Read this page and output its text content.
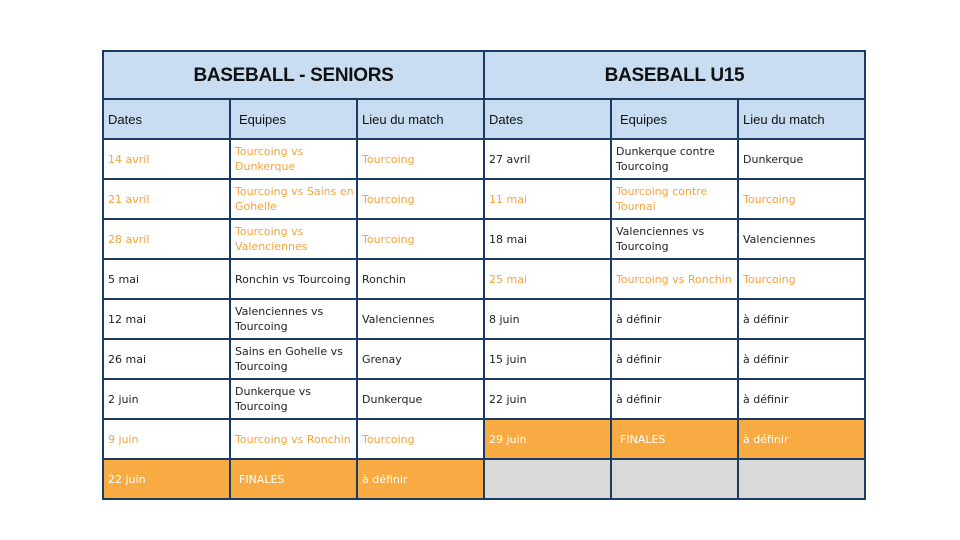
BASEBALL - SENIORS			BASEBALL U15		
Dates	Equipes	Lieu du match	Dates	Equipes	Lieu du match
14 avril	Tourcoing vs Dunkerque	Tourcoing	27 avril	Dunkerque contre Tourcoing	Dunkerque
21 avril	Tourcoing vs Sains en Gohelle	Tourcoing	11 mai	Tourcoing contre Tournai	Tourcoing
28 avril	Tourcoing vs Valenciennes	Tourcoing	18 mai	Valenciennes vs Tourcoing	Valenciennes
5 mai	Ronchin vs Tourcoing	Ronchin	25 mai	Tourcoing vs Ronchin	Tourcoing
12 mai	Valenciennes vs Tourcoing	Valenciennes	8 juin	à définir	à définir
26 mai	Sains en Gohelle vs Tourcoing	Grenay	15 juin	à définir	à définir
2 juin	Dunkerque vs Tourcoing	Dunkerque	22 juin	à définir	à définir
9 juin	Tourcoing vs Ronchin	Tourcoing	29 juin	FINALES	à définir
22 juin	FINALES	à définir			
